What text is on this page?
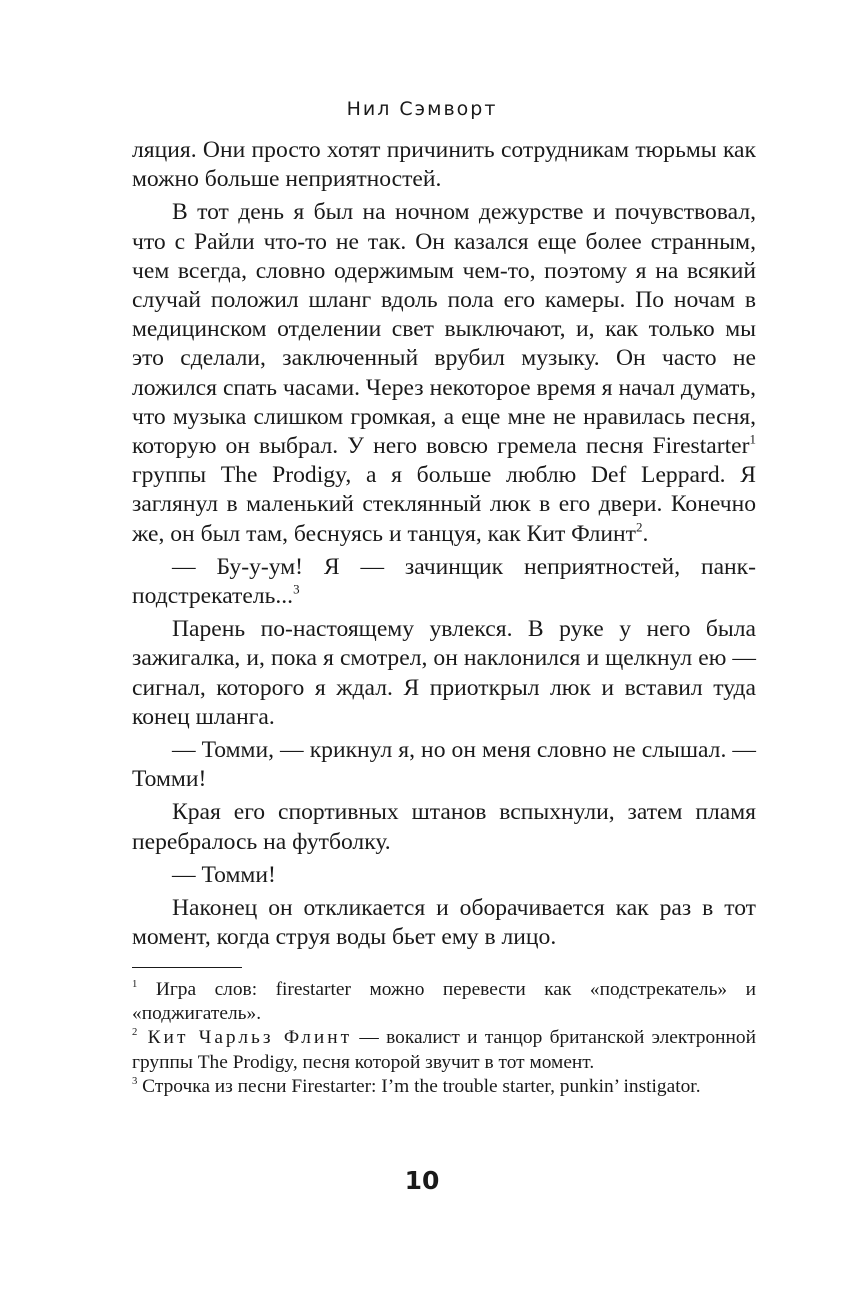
Нил Сэмворт

ляция. Они просто хотят причинить сотрудникам тюрьмы как можно больше неприятностей.

В тот день я был на ночном дежурстве и почувствовал, что с Райли что-то не так. Он казался еще более странным, чем всегда, словно одержимым чем-то, поэтому я на всякий случай положил шланг вдоль пола его камеры. По ночам в медицинском отделении свет выключают, и, как только мы это сделали, заключенный врубил музыку. Он часто не ложился спать часами. Через некоторое время я начал думать, что музыка слишком громкая, а еще мне не нравилась песня, которую он выбрал. У него вовсю гремела песня Firestarter$^1$ группы The Prodigy, а я больше люблю Def Leppard. Я заглянул в маленький стеклянный люк в его двери. Конечно же, он был там, беснуясь и танцуя, как Кит Флинт$^2$.

— Бу-у-ум! Я — зачинщик неприятностей, панк-подстрекатель...$^3$

Парень по-настоящему увлекся. В руке у него была зажигалка, и, пока я смотрел, он наклонился и щелкнул ею — сигнал, которого я ждал. Я приоткрыл люк и вставил туда конец шланга.

— Томми, — крикнул я, но он меня словно не слышал. — Томми!

Края его спортивных штанов вспыхнули, затем пламя перебралось на футболку.

— Томми!

Наконец он откликается и оборачивается как раз в тот момент, когда струя воды бьет ему в лицо.

$^1$ Игра слов: firestarter можно перевести как «подстрекатель» и «поджигатель».

$^2$ Кит Чарльз Флинт — вокалист и танцор британской электронной группы The Prodigy, песня которой звучит в тот момент.

$^3$ Строчка из песни Firestarter: I’m the trouble starter, punkin’ instigator.

10
